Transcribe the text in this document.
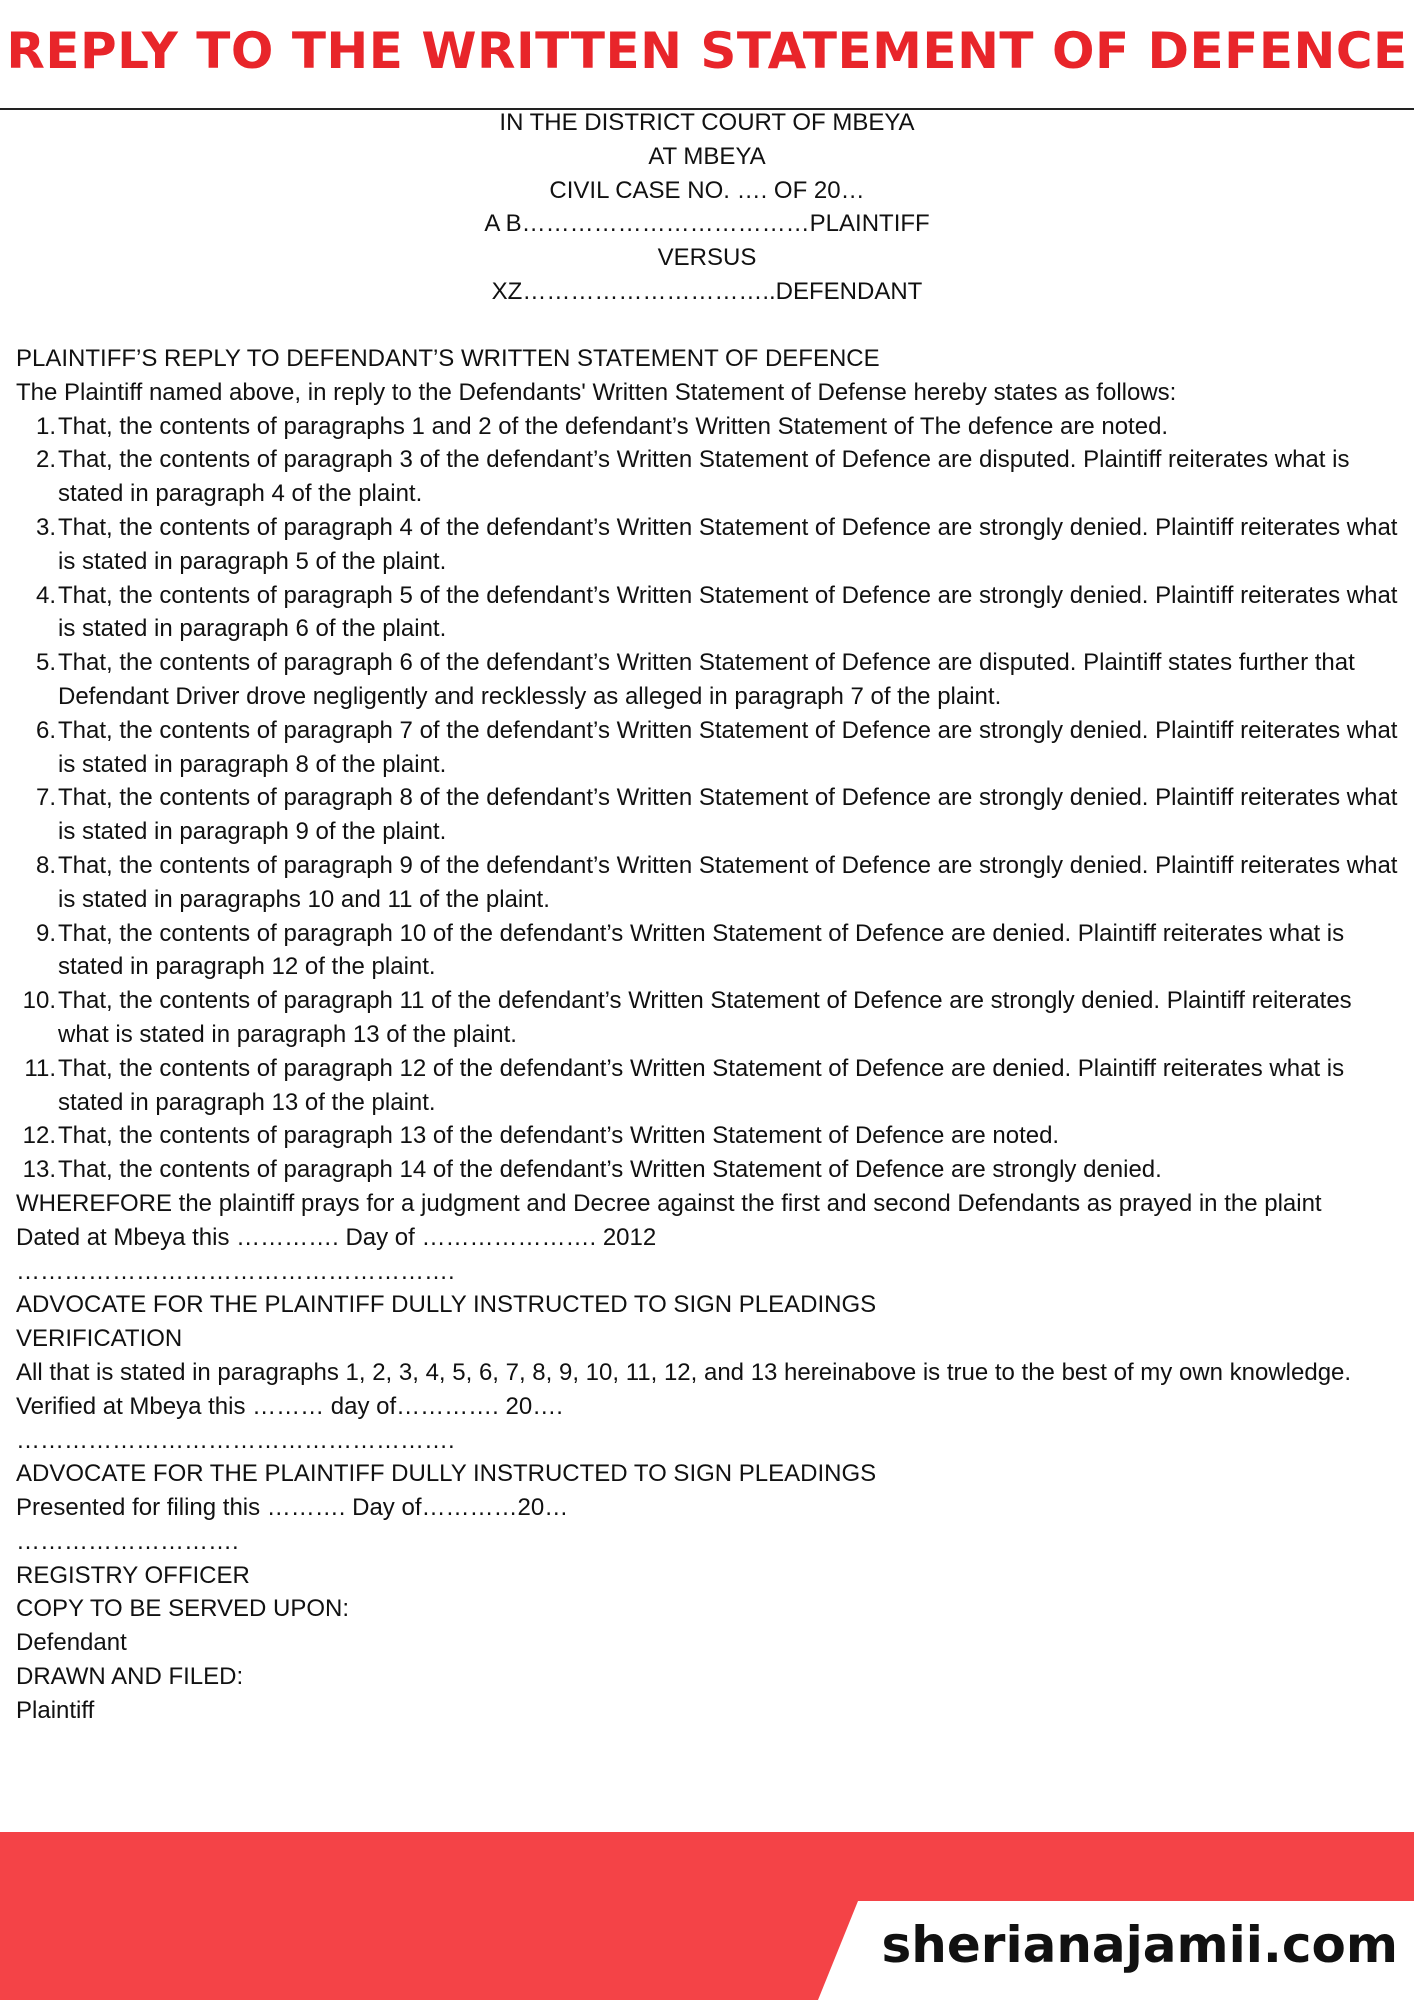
REPLY TO THE WRITTEN STATEMENT OF DEFENCE
IN THE DISTRICT COURT OF MBEYA
AT MBEYA
CIVIL CASE NO. …. OF 20…
A B………………………………PLAINTIFF
VERSUS
XZ…………………………..DEFENDANT
PLAINTIFF’S REPLY TO DEFENDANT’S WRITTEN STATEMENT OF DEFENCE
The Plaintiff named above, in reply to the Defendants' Written Statement of Defense hereby states as follows:
1. That, the contents of paragraphs 1 and 2 of the defendant’s Written Statement of The defence are noted.
2. That, the contents of paragraph 3 of the defendant’s Written Statement of Defence are disputed. Plaintiff reiterates what is stated in paragraph 4 of the plaint.
3. That, the contents of paragraph 4 of the defendant’s Written Statement of Defence are strongly denied. Plaintiff reiterates what is stated in paragraph 5 of the plaint.
4. That, the contents of paragraph 5 of the defendant’s Written Statement of Defence are strongly denied. Plaintiff reiterates what is stated in paragraph 6 of the plaint.
5. That, the contents of paragraph 6 of the defendant’s Written Statement of Defence are disputed. Plaintiff states further that Defendant Driver drove negligently and recklessly as alleged in paragraph 7 of the plaint.
6. That, the contents of paragraph 7 of the defendant’s Written Statement of Defence are strongly denied. Plaintiff reiterates what is stated in paragraph 8 of the plaint.
7. That, the contents of paragraph 8 of the defendant’s Written Statement of Defence are strongly denied. Plaintiff reiterates what is stated in paragraph 9 of the plaint.
8. That, the contents of paragraph 9 of the defendant’s Written Statement of Defence are strongly denied. Plaintiff reiterates what is stated in paragraphs 10 and 11 of the plaint.
9. That, the contents of paragraph 10 of the defendant’s Written Statement of Defence are denied. Plaintiff reiterates what is stated in paragraph 12 of the plaint.
10. That, the contents of paragraph 11 of the defendant’s Written Statement of Defence are strongly denied. Plaintiff reiterates what is stated in paragraph 13 of the plaint.
11. That, the contents of paragraph 12 of the defendant’s Written Statement of Defence are denied. Plaintiff reiterates what is stated in paragraph 13 of the plaint.
12. That, the contents of paragraph 13 of the defendant’s Written Statement of Defence are noted.
13. That, the contents of paragraph 14 of the defendant’s Written Statement of Defence are strongly denied.
WHEREFORE the plaintiff prays for a judgment and Decree against the first and second Defendants as prayed in the plaint
Dated at Mbeya this …………. Day of …………………. 2012
……………………………………………….
ADVOCATE FOR THE PLAINTIFF DULLY INSTRUCTED TO SIGN PLEADINGS
VERIFICATION
All that is stated in paragraphs 1, 2, 3, 4, 5, 6, 7, 8, 9, 10, 11, 12, and 13 hereinabove is true to the best of my own knowledge.
Verified at Mbeya this ……… day of…………. 20….
……………………………………………….
ADVOCATE FOR THE PLAINTIFF DULLY INSTRUCTED TO SIGN PLEADINGS
Presented for filing this ………. Day of…………20…
……………………….
REGISTRY OFFICER
COPY TO BE SERVED UPON:
Defendant
DRAWN AND FILED:
Plaintiff
sherianajamii.com
